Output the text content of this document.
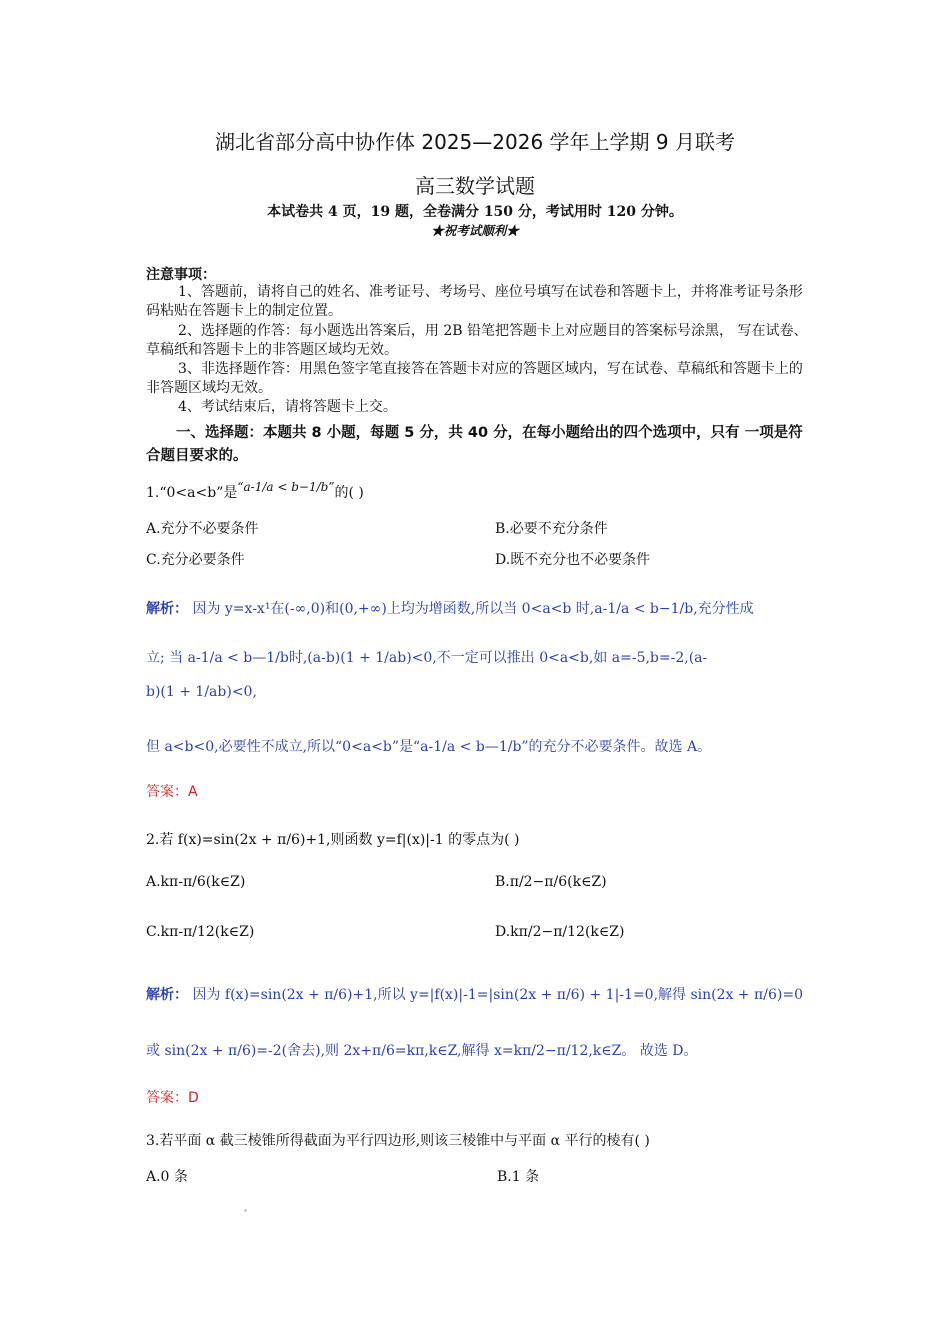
湖北省部分高中协作体 2025—2026 学年上学期 9 月联考
高三数学试题
本试卷共 4 页，19 题，全卷满分 150 分，考试用时 120 分钟。
★祝考试顺利★
注意事项：
1、答题前，请将自己的姓名、准考证号、考场号、座位号填写在试卷和答题卡上，并将准考证号条形码粘贴在答题卡上的制定位置。
2、选择题的作答：每小题选出答案后，用 2B 铅笔把答题卡上对应题目的答案标号涂黑， 写在试卷、草稿纸和答题卡上的非答题区域均无效。
3、非选择题作答：用黑色签字笔直接答在答题卡对应的答题区域内，写在试卷、草稿纸和答题卡上的非答题区域均无效。
4、考试结束后，请将答题卡上交。
一、选择题：本题共 8 小题，每题 5 分，共 40 分，在每小题给出的四个选项中，只有 一项是符合题目要求的。
1.“0<a<b”是“a-1/a < b−1/b”的( )
A.充分不必要条件	B.必要不充分条件
C.充分必要条件	D.既不充分也不必要条件
解析： 因为 y=x-x¹在(-∞,0)和(0,+∞)上均为增函数,所以当 0<a<b 时,a-1/a < b−1/b,充分性成
立; 当 a-1/a < b—1/b时,(a-b)(1 + 1/ab)<0,不一定可以推出 0<a<b,如 a=-5,b=-2,(a-
b)(1 + 1/ab)<0,
但 a<b<0,必要性不成立,所以“0<a<b”是“a-1/a < b—1/b”的充分不必要条件。故选 A。
答案：A
2.若 f(x)=sin(2x + π/6)+1,则函数 y=f|(x)|-1 的零点为( )
A.kπ-π/6(k∈Z)	B.π/2−π/6(k∈Z)
C.kπ-π/12(k∈Z)	D.kπ/2−π/12(k∈Z)
解析： 因为 f(x)=sin(2x + π/6)+1,所以 y=|f(x)|-1=|sin(2x + π/6) + 1|-1=0,解得 sin(2x + π/6)=0
或 sin(2x + π/6)=-2(舍去),则 2x+π/6=kπ,k∈Z,解得 x=kπ/2−π/12,k∈Z。 故选 D。
答案：D
3.若平面 α 截三棱锥所得截面为平行四边形,则该三棱锥中与平面 α 平行的棱有( )
A.0 条	B.1 条
